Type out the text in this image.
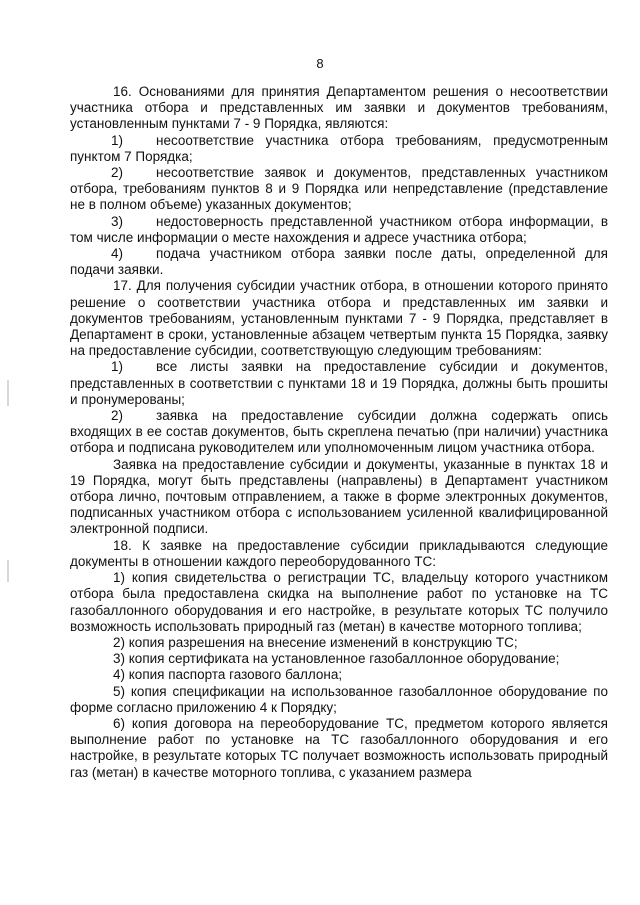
8

16. Основаниями для принятия Департаментом решения о несоответствии участника отбора и представленных им заявки и документов требованиям, установленным пунктами 7 - 9 Порядка, являются:

1) несоответствие участника отбора требованиям, предусмотренным пунктом 7 Порядка;

2) несоответствие заявок и документов, представленных участником отбора, требованиям пунктов 8 и 9 Порядка или непредставление (представление не в полном объеме) указанных документов;

3) недостоверность представленной участником отбора информации, в том числе информации о месте нахождения и адресе участника отбора;

4) подача участником отбора заявки после даты, определенной для подачи заявки.

17. Для получения субсидии участник отбора, в отношении которого принято решение о соответствии участника отбора и представленных им заявки и документов требованиям, установленным пунктами 7 - 9 Порядка, представляет в Департамент в сроки, установленные абзацем четвертым пункта 15 Порядка, заявку на предоставление субсидии, соответствующую следующим требованиям:

1) все листы заявки на предоставление субсидии и документов, представленных в соответствии с пунктами 18 и 19 Порядка, должны быть прошиты и пронумерованы;

2) заявка на предоставление субсидии должна содержать опись входящих в ее состав документов, быть скреплена печатью (при наличии) участника отбора и подписана руководителем или уполномоченным лицом участника отбора.

Заявка на предоставление субсидии и документы, указанные в пунктах 18 и 19 Порядка, могут быть представлены (направлены) в Департамент участником отбора лично, почтовым отправлением, а также в форме электронных документов, подписанных участником отбора с использованием усиленной квалифицированной электронной подписи.

18. К заявке на предоставление субсидии прикладываются следующие документы в отношении каждого переоборудованного ТС:

1) копия свидетельства о регистрации ТС, владельцу которого участником отбора была предоставлена скидка на выполнение работ по установке на ТС газобаллонного оборудования и его настройке, в результате которых ТС получило возможность использовать природный газ (метан) в качестве моторного топлива;

2) копия разрешения на внесение изменений в конструкцию ТС;

3) копия сертификата на установленное газобаллонное оборудование;

4) копия паспорта газового баллона;

5) копия спецификации на использованное газобаллонное оборудование по форме согласно приложению 4 к Порядку;

6) копия договора на переоборудование ТС, предметом которого является выполнение работ по установке на ТС газобаллонного оборудования и его настройке, в результате которых ТС получает возможность использовать природный газ (метан) в качестве моторного топлива, с указанием размера
